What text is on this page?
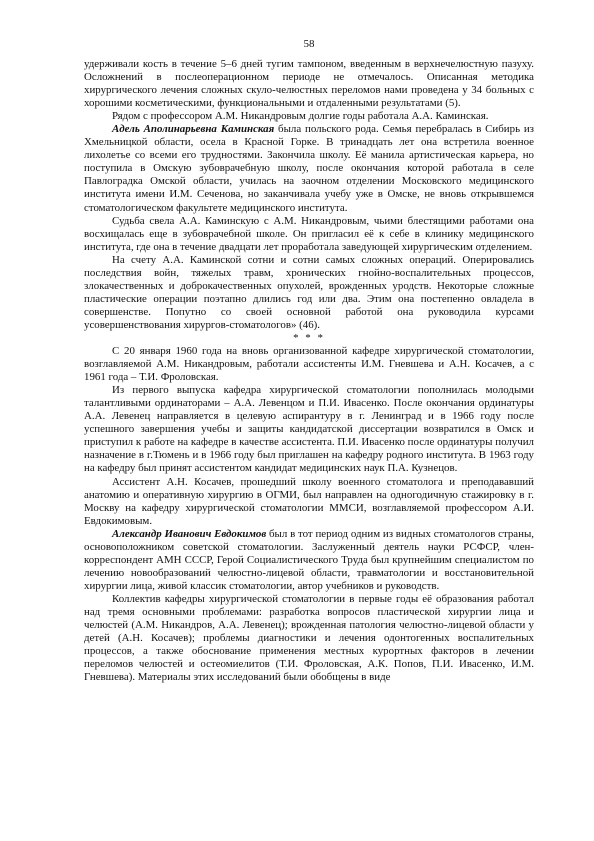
58

удерживали кость в течение 5–6 дней тугим тампоном, введенным в верхнечелюстную пазуху. Осложнений в послеоперационном периоде не отмечалось. Описанная методика хирургического лечения сложных скуло-челюстных переломов нами проведена у 34 больных с хорошими косметическими, функциональными и отдаленными результатами (5).

Рядом с профессором А.М. Никандровым долгие годы работала А.А. Каминская.

Адель Аполинарьевна Каминская была польского рода. Семья перебралась в Сибирь из Хмельницкой области, осела в Красной Горке. В тринадцать лет она встретила военное лихолетье со всеми его трудностями. Закончила школу. Её манила артистическая карьера, но поступила в Омскую зубоврачебную школу, после окончания которой работала в селе Павлоградка Омской области, училась на заочном отделении Московского медицинского института имени И.М. Сеченова, но заканчивала учебу уже в Омске, не вновь открывшемся стоматологическом факультете медицинского института.

Судьба свела А.А. Каминскую с А.М. Никандровым, чьими блестящими работами она восхищалась еще в зубоврачебной школе. Он пригласил её к себе в клинику медицинского института, где она в течение двадцати лет проработала заведующей хирургическим отделением.

На счету А.А. Каминской сотни и сотни самых сложных операций. Оперировались последствия войн, тяжелых травм, хронических гнойно-воспалительных процессов, злокачественных и доброкачественных опухолей, врожденных уродств. Некоторые сложные пластические операции поэтапно длились год или два. Этим она постепенно овладела в совершенстве. Попутно со своей основной работой она руководила курсами усовершенствования хирургов-стоматологов» (46).

* * *

С 20 января 1960 года на вновь организованной кафедре хирургической стоматологии, возглавляемой А.М. Никандровым, работали ассистенты И.М. Гневшева и А.Н. Косачев, а с 1961 года – Т.И. Фроловская.

Из первого выпуска кафедра хирургической стоматологии пополнилась молодыми талантливыми ординаторами – А.А. Левенцом и П.И. Ивасенко. После окончания ординатуры А.А. Левенец направляется в целевую аспирантуру в г. Ленинград и в 1966 году после успешного завершения учебы и защиты кандидатской диссертации возвратился в Омск и приступил к работе на кафедре в качестве ассистента. П.И. Ивасенко после ординатуры получил назначение в г.Тюмень и в 1966 году был приглашен на кафедру родного института. В 1963 году на кафедру был принят ассистентом кандидат медицинских наук П.А. Кузнецов.

Ассистент А.Н. Косачев, прошедший школу военного стоматолога и преподававший анатомию и оперативную хирургию в ОГМИ, был направлен на одногодичную стажировку в г. Москву на кафедру хирургической стоматологии ММСИ, возглавляемой профессором А.И. Евдокимовым.

Александр Иванович Евдокимов был в тот период одним из видных стоматологов страны, основоположником советской стоматологии. Заслуженный деятель науки РСФСР, член-корреспондент АМН СССР, Герой Социалистического Труда был крупнейшим специалистом по лечению новообразований челюстно-лицевой области, травматологии и восстановительной хирургии лица, живой классик стоматологии, автор учебников и руководств.

Коллектив кафедры хирургической стоматологии в первые годы её образования работал над тремя основными проблемами: разработка вопросов пластической хирургии лица и челюстей (А.М. Никандров, А.А. Левенец); врожденная патология челюстно-лицевой области у детей (А.Н. Косачев); проблемы диагностики и лечения одонтогенных воспалительных процессов, а также обоснование применения местных курортных факторов в лечении переломов челюстей и остеомиелитов (Т.И. Фроловская, А.К. Попов, П.И. Ивасенко, И.М. Гневшева). Материалы этих исследований были обобщены в виде
